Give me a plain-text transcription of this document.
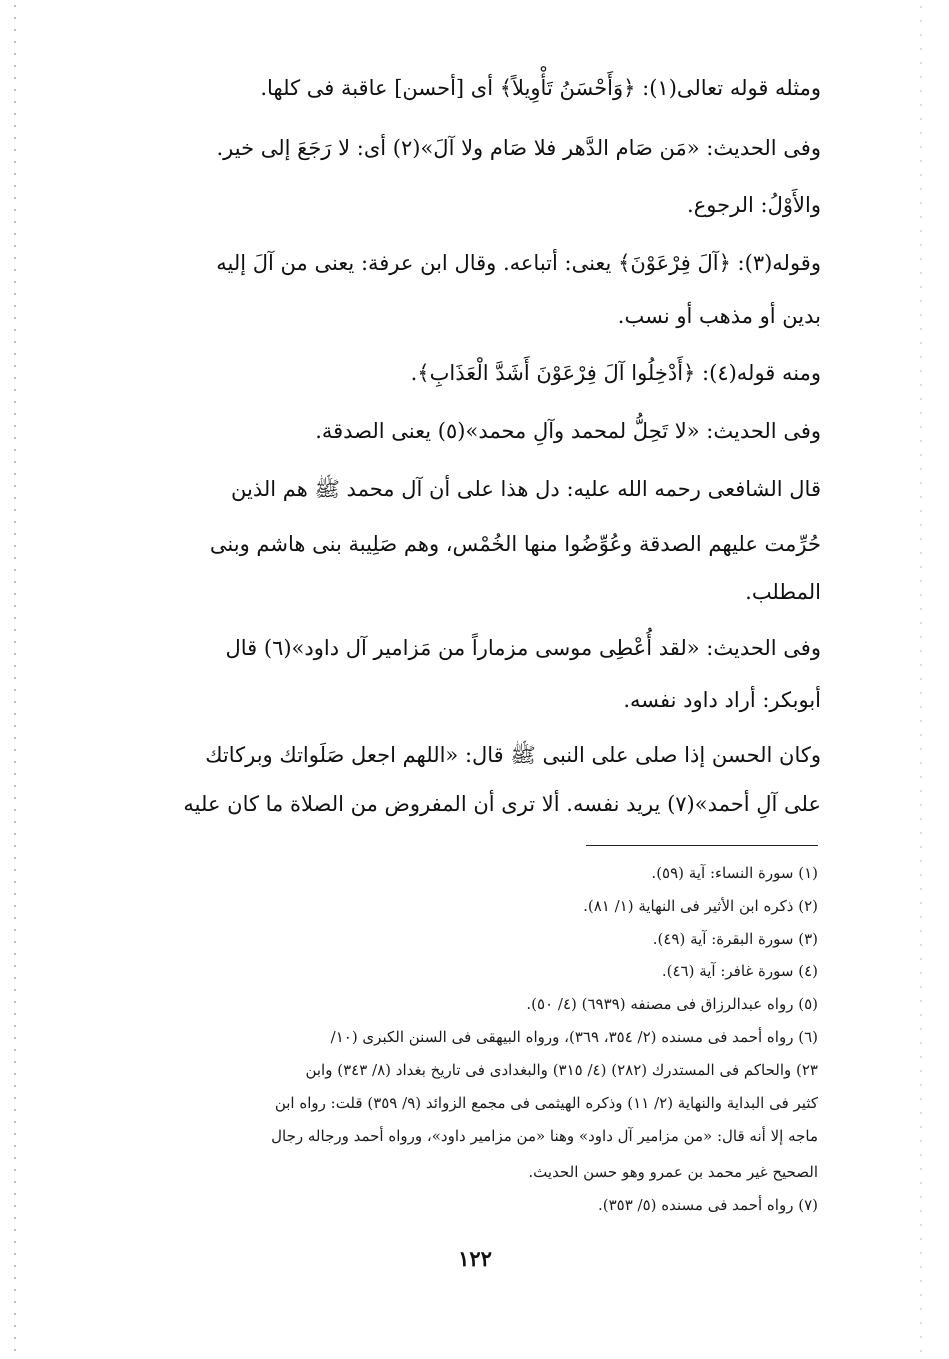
ومثله قوله تعالى(١): ﴿وَأَحْسَنُ تَأْوِيلاً﴾ أى [أحسن] عاقبة فى كلها.
وفى الحديث: «مَن صَام الدَّهر فلا صَام ولا آلَ»(٢) أى: لا رَجَعَ إلى خير.
والأَوْلُ: الرجوع.
وقوله(٣): ﴿آلَ فِرْعَوْنَ﴾ يعنى: أتباعه. وقال ابن عرفة: يعنى من آلَ إليه
بدين أو مذهب أو نسب.
ومنه قوله(٤): ﴿أَدْخِلُوا آلَ فِرْعَوْنَ أَشَدَّ الْعَذَابِ﴾.
وفى الحديث: «لا تَحِلُّ لمحمد وآلِ محمد»(٥) يعنى الصدقة.
قال الشافعى رحمه الله عليه: دل هذا على أن آل محمد ﷺ هم الذين
حُرِّمت عليهم الصدقة وعُوِّضُوا منها الخُمْس، وهم صَلِيبة بنى هاشم وبنى
المطلب.
وفى الحديث: «لقد أُعْطِى موسى مزماراً من مَزامير آل داود»(٦) قال
أبوبكر: أراد داود نفسه.
وكان الحسن إذا صلى على النبى ﷺ قال: «اللهم اجعل صَلَواتك وبركاتك
على آلِ أحمد»(٧) يريد نفسه. ألا ترى أن المفروض من الصلاة ما كان عليه
(١) سورة النساء: آية (٥٩).
(٢) ذكره ابن الأثير فى النهاية (١/ ٨١).
(٣) سورة البقرة: آية (٤٩).
(٤) سورة غافر: آية (٤٦).
(٥) رواه عبدالرزاق فى مصنفه (٦٩٣٩) (٤/ ٥٠).
(٦) رواه أحمد فى مسنده (٢/ ٣٥٤، ٣٦٩)، ورواه البيهقى فى السنن الكبرى (١٠/
٢٣) والحاكم فى المستدرك (٢٨٢) (٤/ ٣١٥) والبغدادى فى تاريخ بغداد (٨/ ٣٤٣) وابن
كثير فى البداية والنهاية (٢/ ١١) وذكره الهيثمى فى مجمع الزوائد (٩/ ٣٥٩) قلت: رواه ابن
ماجه إلا أنه قال: «من مزامير آل داود» وهنا «من مزامير داود»، ورواه أحمد ورجاله رجال
الصحيح غير محمد بن عمرو وهو حسن الحديث.
(٧) رواه أحمد فى مسنده (٥/ ٣٥٣).
١٢٢
